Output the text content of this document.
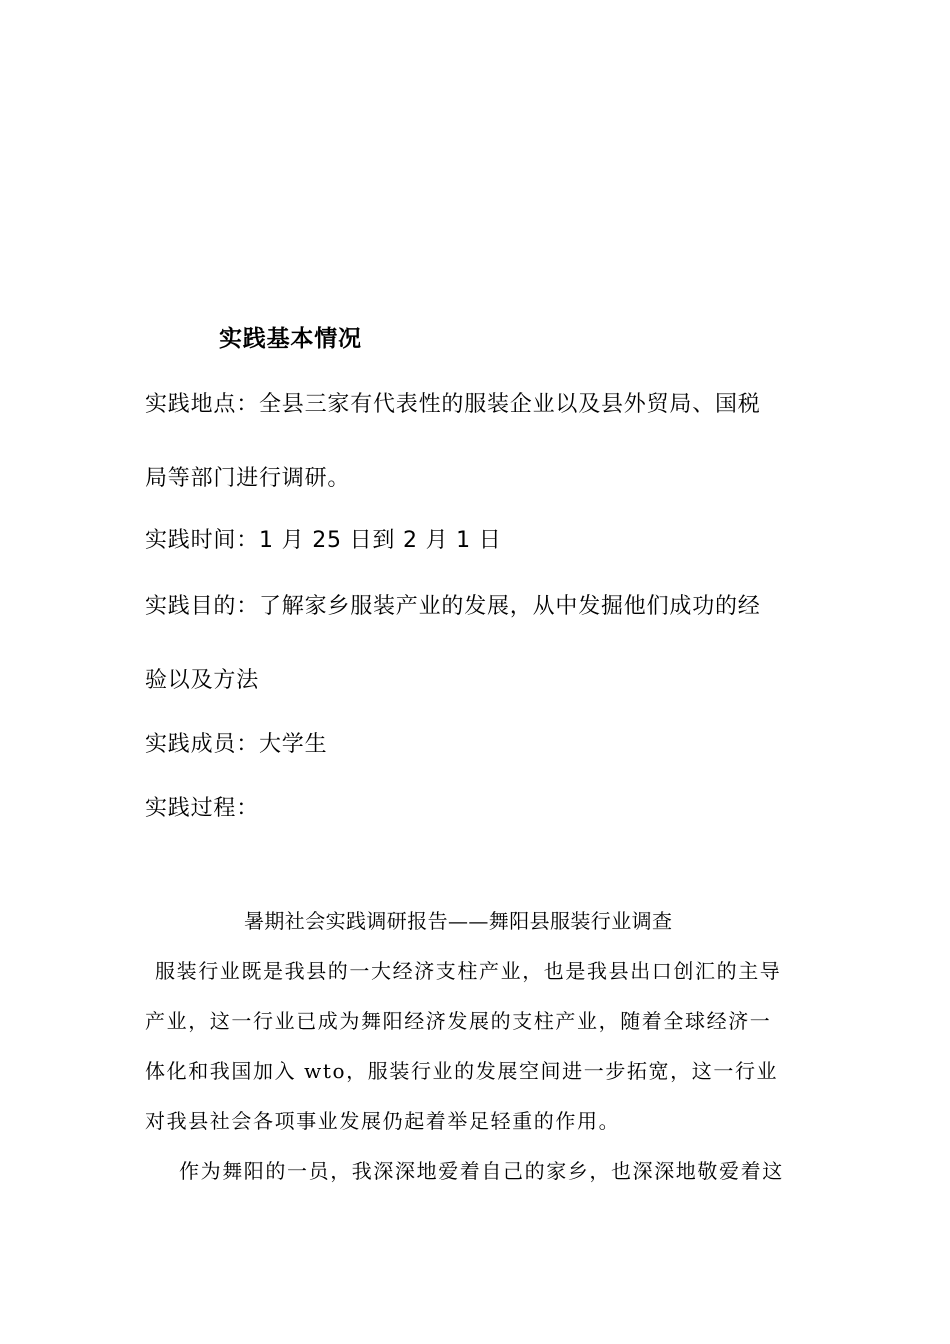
实践基本情况
实践地点：全县三家有代表性的服装企业以及县外贸局、国税
局等部门进行调研。
实践时间：1 月 25 日到 2 月 1 日
实践目的：了解家乡服装产业的发展，从中发掘他们成功的经
验以及方法
实践成员：大学生
实践过程：
暑期社会实践调研报告——舞阳县服装行业调查
服装行业既是我县的一大经济支柱产业，也是我县出口创汇的主导
产业，这一行业已成为舞阳经济发展的支柱产业，随着全球经济一
体化和我国加入 wto，服装行业的发展空间进一步拓宽，这一行业
对我县社会各项事业发展仍起着举足轻重的作用。
作为舞阳的一员，我深深地爱着自己的家乡，也深深地敬爱着这
